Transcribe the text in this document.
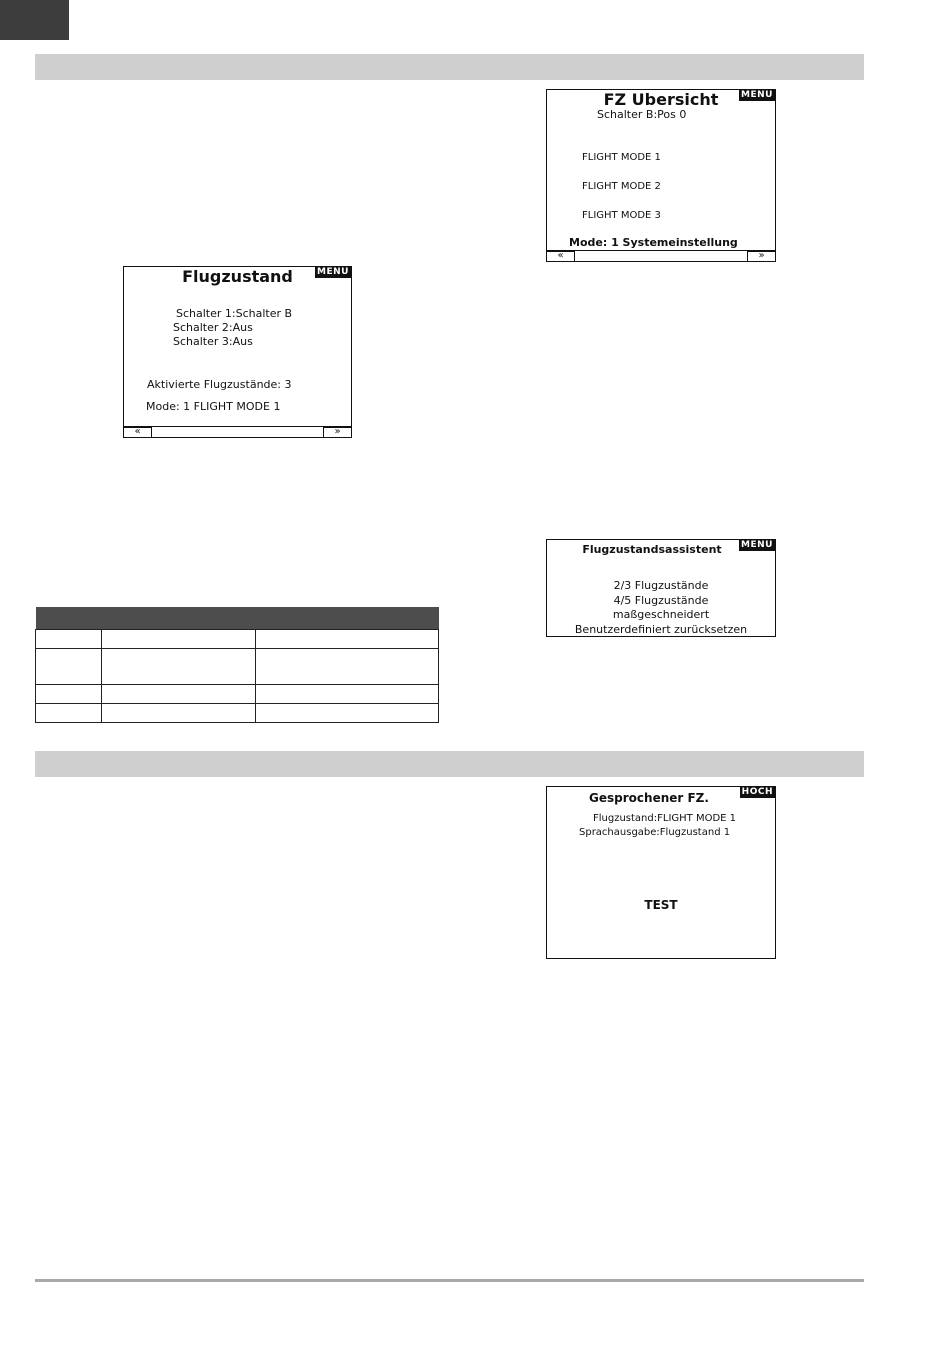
Flugzustand	MENÜ
Schalter 1:Schalter B
Schalter 2:Aus
Schalter 3:Aus
Aktivierte Flugzustände: 3
Mode: 1 FLIGHT MODE 1
«	»
FZ Ubersicht	MENÜ
Schalter B:Pos 0
FLIGHT MODE 1
FLIGHT MODE 2
FLIGHT MODE 3
Mode: 1 Systemeinstellung
«	»
Flugzustandsassistent	MENÜ
2/3 Flugzustände
4/5 Flugzustände
maßgeschneidert
Benutzerdefiniert zurücksetzen
Gesprochener FZ.	HOCH
Flugzustand:FLIGHT MODE 1
Sprachausgabe:Flugzustand 1
TEST
